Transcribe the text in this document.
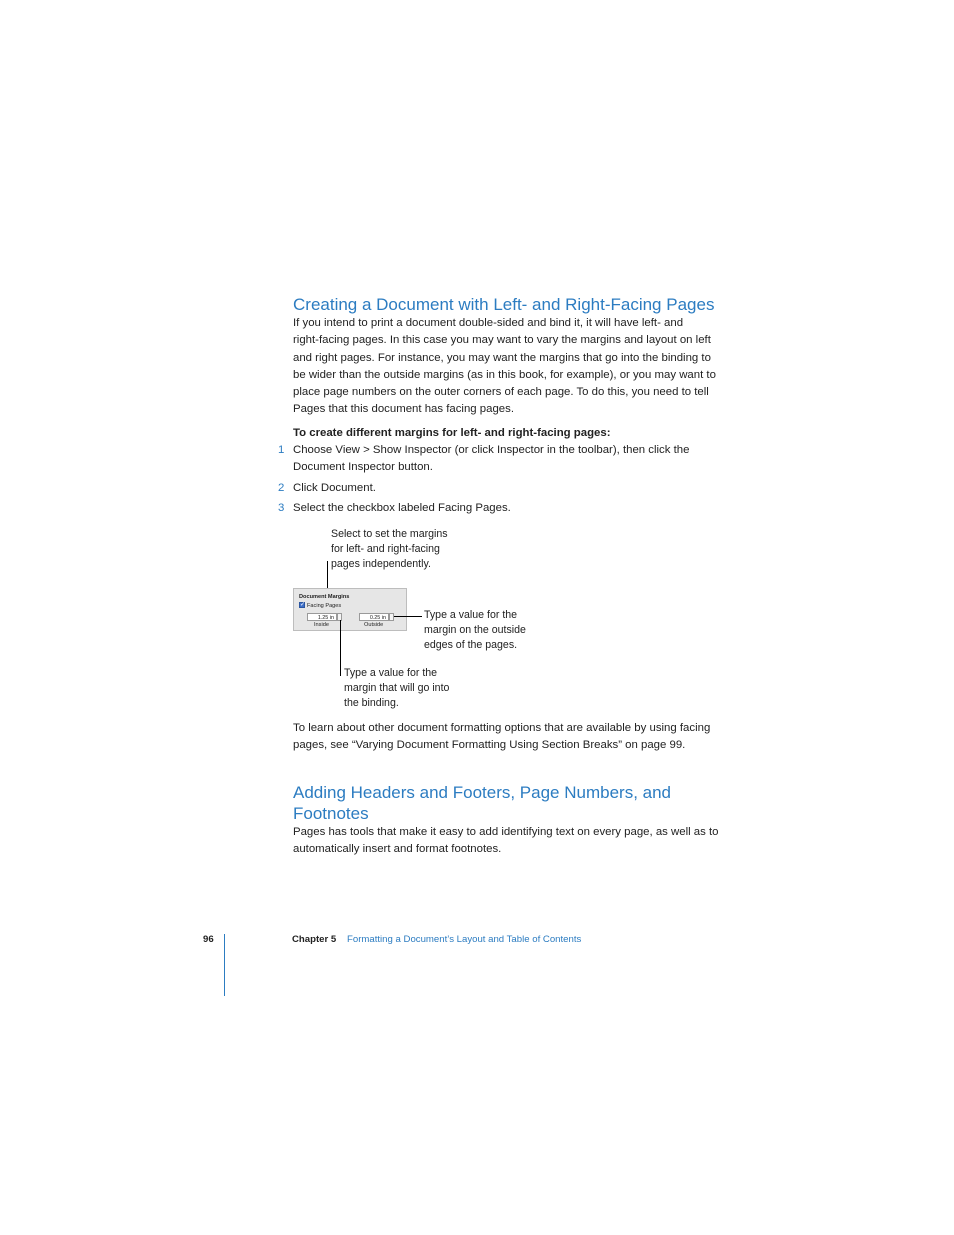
Creating a Document with Left- and Right-Facing Pages
If you intend to print a document double-sided and bind it, it will have left- and
right-facing pages. In this case you may want to vary the margins and layout on left
and right pages. For instance, you may want the margins that go into the binding to
be wider than the outside margins (as in this book, for example), or you may want to
place page numbers on the outer corners of each page. To do this, you need to tell
Pages that this document has facing pages.
To create different margins for left- and right-facing pages:
1 Choose View > Show Inspector (or click Inspector in the toolbar), then click the
Document Inspector button.
2 Click Document.
3 Select the checkbox labeled Facing Pages.
Select to set the margins
for left- and right-facing
pages independently.
Document Margins
✓ Facing Pages
1.25 in
Inside
0.25 in
Outside
Type a value for the
margin on the outside
edges of the pages.
Type a value for the
margin that will go into
the binding.
To learn about other document formatting options that are available by using facing
pages, see “Varying Document Formatting Using Section Breaks” on page 99.
Adding Headers and Footers, Page Numbers, and
Footnotes
Pages has tools that make it easy to add identifying text on every page, as well as to
automatically insert and format footnotes.
96	Chapter 5 Formatting a Document’s Layout and Table of Contents
